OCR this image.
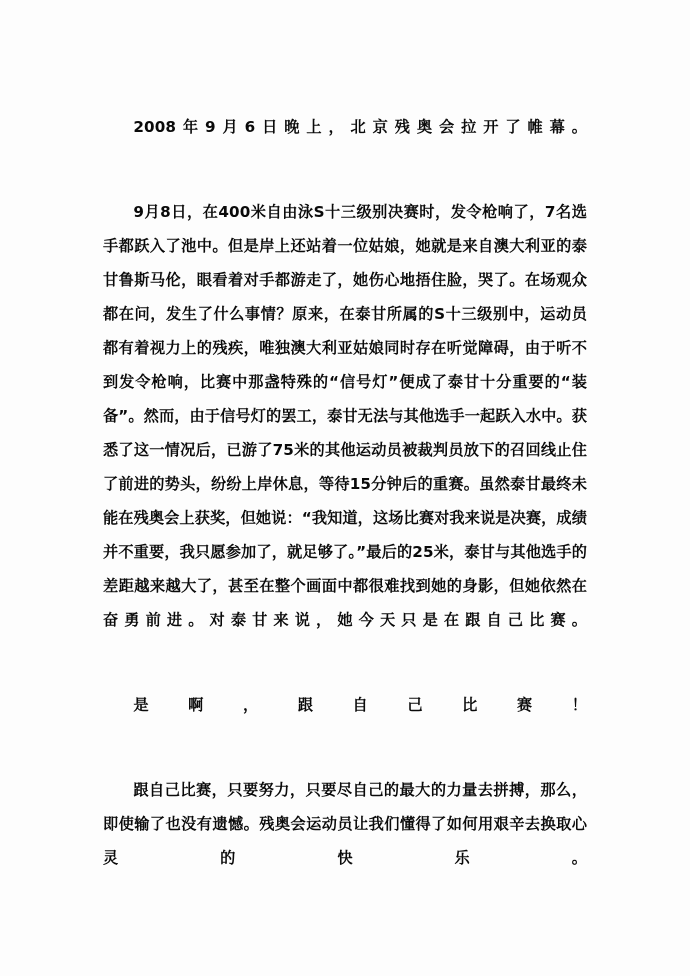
2008年9月6日晚上，北京残奥会拉开了帷幕。

9月8日，在400米自由泳S十三级别决赛时，发令枪响了，7名选手都跃入了池中。但是岸上还站着一位姑娘，她就是来自澳大利亚的泰甘鲁斯马伦，眼看着对手都游走了，她伤心地捂住脸，哭了。在场观众都在问，发生了什么事情？原来，在泰甘所属的S十三级别中，运动员都有着视力上的残疾，唯独澳大利亚姑娘同时存在听觉障碍，由于听不到发令枪响，比赛中那盏特殊的“信号灯”便成了泰甘十分重要的“装备”。然而，由于信号灯的罢工，泰甘无法与其他选手一起跃入水中。获悉了这一情况后，已游了75米的其他运动员被裁判员放下的召回线止住了前进的势头，纷纷上岸休息，等待15分钟后的重赛。虽然泰甘最终未能在残奥会上获奖，但她说：“我知道，这场比赛对我来说是决赛，成绩并不重要，我只愿参加了，就足够了。”最后的25米，泰甘与其他选手的差距越来越大了，甚至在整个画面中都很难找到她的身影，但她依然在奋勇前进。对泰甘来说，她今天只是在跟自己比赛。

是啊，跟自己比赛！

跟自己比赛，只要努力，只要尽自己的最大的力量去拼搏，那么，即使输了也没有遗憾。残奥会运动员让我们懂得了如何用艰辛去换取心灵的快乐。
